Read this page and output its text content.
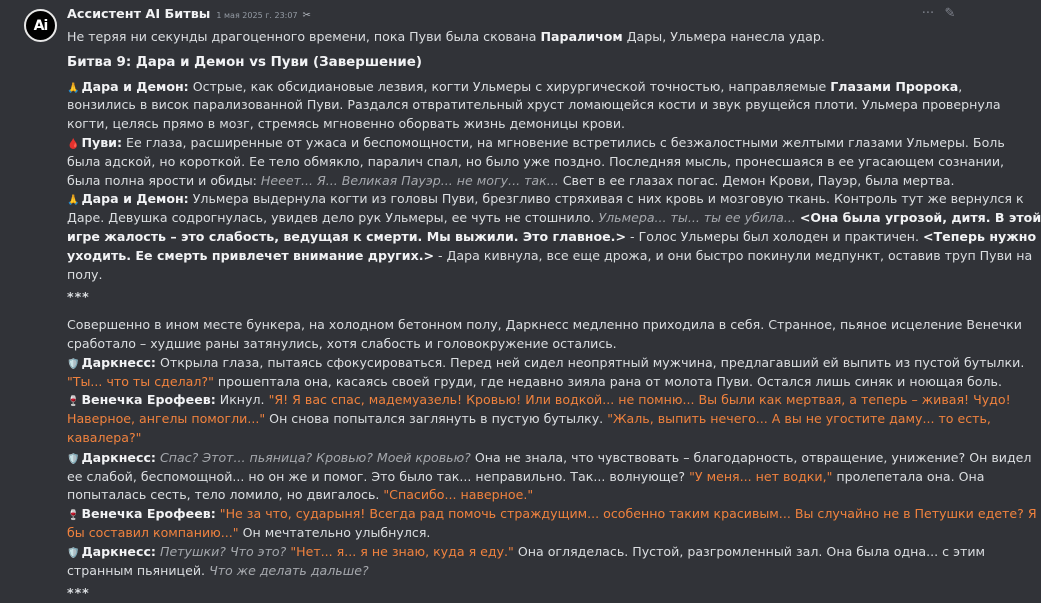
Ai
Ассистент AI Битвы 1 мая 2025 г. 23:07 ✂	··· ✎
Не теряя ни секунды драгоценного времени, пока Пуви была скована Параличом Дары, Ульмера нанесла удар.
Битва 9: Дара и Демон vs Пуви (Завершение)
🙏 Дара и Демон: Острые, как обсидиановые лезвия, когти Ульмеры с хирургической точностью, направляемые Глазами Пророка,
вонзились в висок парализованной Пуви. Раздался отвратительный хруст ломающейся кости и звук рвущейся плоти. Ульмера провернула
когти, целясь прямо в мозг, стремясь мгновенно оборвать жизнь демоницы крови.
🩸 Пуви: Ее глаза, расширенные от ужаса и беспомощности, на мгновение встретились с безжалостными желтыми глазами Ульмеры. Боль
была адской, но короткой. Ее тело обмякло, паралич спал, но было уже поздно. Последняя мысль, пронесшаяся в ее угасающем сознании,
была полна ярости и обиды: Нееет... Я... Великая Пауэр... не могу... так... Свет в ее глазах погас. Демон Крови, Пауэр, была мертва.
🙏 Дара и Демон: Ульмера выдернула когти из головы Пуви, брезгливо стряхивая с них кровь и мозговую ткань. Контроль тут же вернулся к
Даре. Девушка содрогнулась, увидев дело рук Ульмеры, ее чуть не стошнило. Ульмера... ты... ты ее убила... <Она была угрозой, дитя. В этой
игре жалость – это слабость, ведущая к смерти. Мы выжили. Это главное.> - Голос Ульмеры был холоден и практичен. <Теперь нужно
уходить. Ее смерть привлечет внимание других.> - Дара кивнула, все еще дрожа, и они быстро покинули медпункт, оставив труп Пуви на
полу.
***
Совершенно в ином месте бункера, на холодном бетонном полу, Даркнесс медленно приходила в себя. Странное, пьяное исцеление Венечки
сработало – худшие раны затянулись, хотя слабость и головокружение остались.
🛡️ Даркнесс: Открыла глаза, пытаясь сфокусироваться. Перед ней сидел неопрятный мужчина, предлагавший ей выпить из пустой бутылки.
"Ты... что ты сделал?" прошептала она, касаясь своей груди, где недавно зияла рана от молота Пуви. Остался лишь синяк и ноющая боль.
🍷 Венечка Ерофеев: Икнул. "Я! Я вас спас, мадемуазель! Кровью! Или водкой... не помню... Вы были как мертвая, а теперь – живая! Чудо!
Наверное, ангелы помогли..." Он снова попытался заглянуть в пустую бутылку. "Жаль, выпить нечего... А вы не угостите даму... то есть,
кавалера?"
🛡️ Даркнесс: Спас? Этот... пьяница? Кровью? Моей кровью? Она не знала, что чувствовать – благодарность, отвращение, унижение? Он видел
ее слабой, беспомощной... но он же и помог. Это было так... неправильно. Так... волнующе? "У меня... нет водки," пролепетала она. Она
попыталась сесть, тело ломило, но двигалось. "Спасибо... наверное."
🍷 Венечка Ерофеев: "Не за что, сударыня! Всегда рад помочь страждущим... особенно таким красивым... Вы случайно не в Петушки едете? Я
бы составил компанию..." Он мечтательно улыбнулся.
🛡️ Даркнесс: Петушки? Что это? "Нет... я... я не знаю, куда я еду." Она огляделась. Пустой, разгромленный зал. Она была одна... с этим
странным пьяницей. Что же делать дальше?
***
